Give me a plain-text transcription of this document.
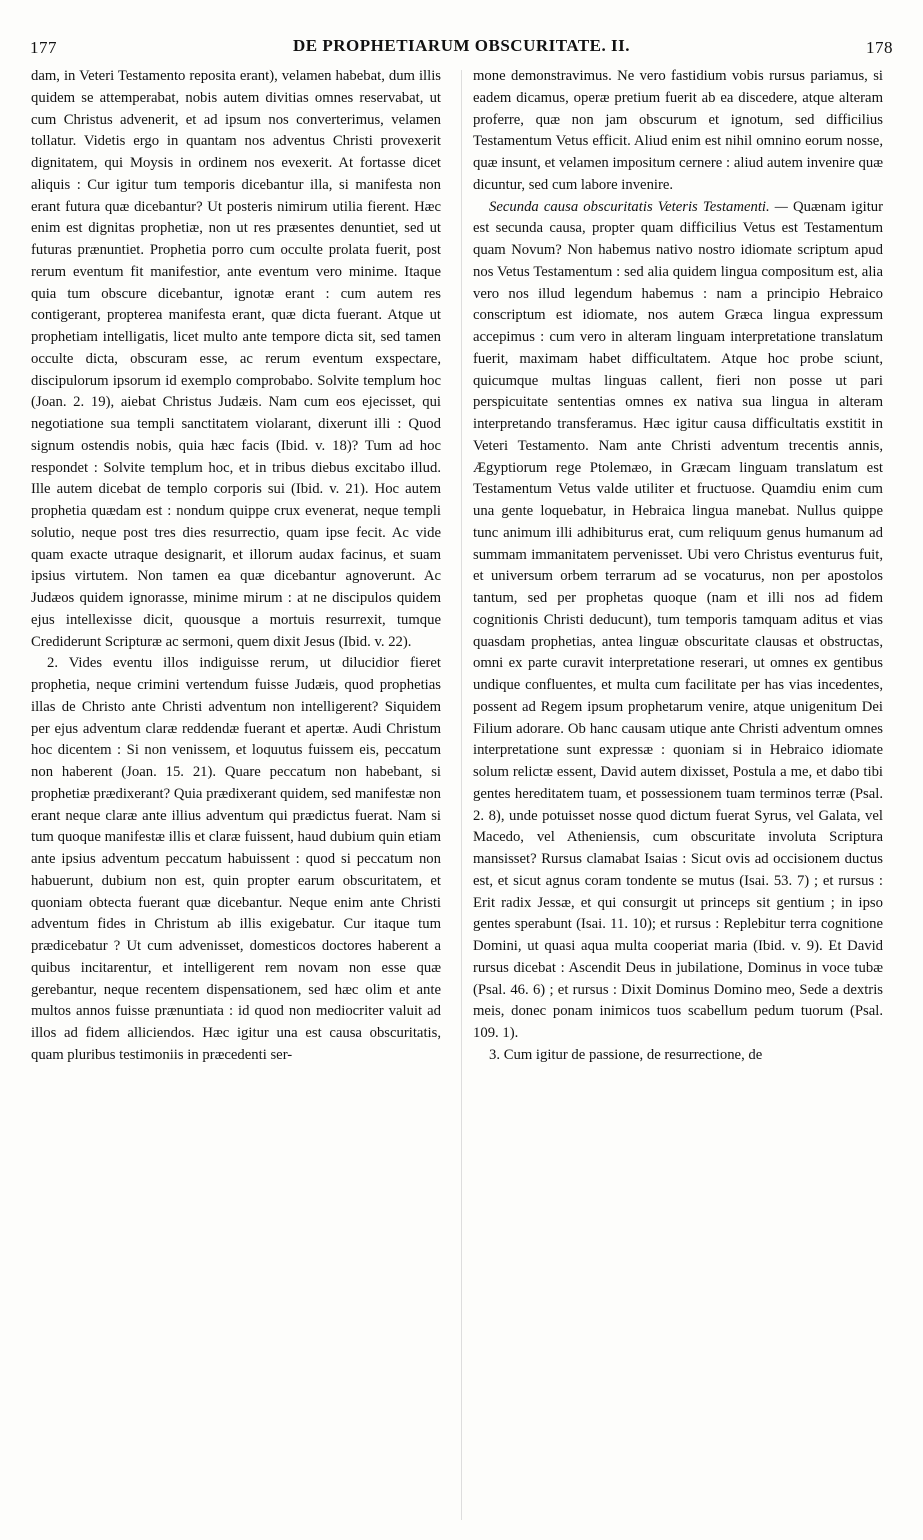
177	DE PROPHETIARUM OBSCURITATE. II.	178

dam, in Veteri Testamento reposita erant), velamen habebat, dum illis quidem se attemperabat, nobis autem divitias omnes reservabat, ut cum Christus advenerit, et ad ipsum nos converterimus, velamen tollatur. Videtis ergo in quantam nos adventus Christi provexerit dignitatem, qui Moysis in ordinem nos evexerit. At fortasse dicet aliquis : Cur igitur tum temporis dicebantur illa, si manifesta non erant futura quæ dicebantur? Ut posteris nimirum utilia fierent. Hæc enim est dignitas prophetiæ, non ut res præsentes denuntiet, sed ut futuras prænuntiet. Prophetia porro cum occulte prolata fuerit, post rerum eventum fit manifestior, ante eventum vero minime. Itaque quia tum obscure dicebantur, ignotæ erant : cum autem res contigerant, propterea manifesta erant, quæ dicta fuerant. Atque ut prophetiam intelligatis, licet multo ante tempore dicta sit, sed tamen occulte dicta, obscuram esse, ac rerum eventum exspectare, discipulorum ipsorum id exemplo comprobabo. Solvite templum hoc (Joan. 2. 19), aiebat Christus Judæis. Nam cum eos ejecisset, qui negotiatione sua templi sanctitatem violarant, dixerunt illi : Quod signum ostendis nobis, quia hæc facis (Ibid. v. 18)? Tum ad hoc respondet : Solvite templum hoc, et in tribus diebus excitabo illud. Ille autem dicebat de templo corporis sui (Ibid. v. 21). Hoc autem prophetia quædam est : nondum quippe crux evenerat, neque templi solutio, neque post tres dies resurrectio, quam ipse fecit. Ac vide quam exacte utraque designarit, et illorum audax facinus, et suam ipsius virtutem. Non tamen ea quæ dicebantur agnoverunt. Ac Judæos quidem ignorasse, minime mirum : at ne discipulos quidem ejus intellexisse dicit, quousque a mortuis resurrexit, tumque Crediderunt Scripturæ ac sermoni, quem dixit Jesus (Ibid. v. 22).

2. Vides eventu illos indiguisse rerum, ut dilucidior fieret prophetia, neque crimini vertendum fuisse Judæis, quod prophetias illas de Christo ante Christi adventum non intelligerent? Siquidem per ejus adventum claræ reddendæ fuerant et apertæ. Audi Christum hoc dicentem : Si non venissem, et loquutus fuissem eis, peccatum non haberent (Joan. 15. 21). Quare peccatum non habebant, si prophetiæ prædixerant? Quia prædixerant quidem, sed manifestæ non erant neque claræ ante illius adventum qui prædictus fuerat. Nam si tum quoque manifestæ illis et claræ fuissent, haud dubium quin etiam ante ipsius adventum peccatum habuissent : quod si peccatum non habuerunt, dubium non est, quin propter earum obscuritatem, et quoniam obtecta fuerant quæ dicebantur. Neque enim ante Christi adventum fides in Christum ab illis exigebatur. Cur itaque tum prædicebatur ? Ut cum advenisset, domesticos doctores haberent a quibus incitarentur, et intelligerent rem novam non esse quæ gerebantur, neque recentem dispensationem, sed hæc olim et ante multos annos fuisse prænuntiata : id quod non mediocriter valuit ad illos ad fidem alliciendos. Hæc igitur una est causa obscuritatis, quam pluribus testimoniis in præcedenti ser-

mone demonstravimus. Ne vero fastidium vobis rursus pariamus, si eadem dicamus, operæ pretium fuerit ab ea discedere, atque alteram proferre, quæ non jam obscurum et ignotum, sed difficilius Testamentum Vetus efficit. Aliud enim est nihil omnino eorum nosse, quæ insunt, et velamen impositum cernere : aliud autem invenire quæ dicuntur, sed cum labore invenire.

Secunda causa obscuritatis Veteris Testamenti. — Quænam igitur est secunda causa, propter quam difficilius Vetus est Testamentum quam Novum? Non habemus nativo nostro idiomate scriptum apud nos Vetus Testamentum : sed alia quidem lingua compositum est, alia vero nos illud legendum habemus : nam a principio Hebraico conscriptum est idiomate, nos autem Græca lingua expressum accepimus : cum vero in alteram linguam interpretatione translatum fuerit, maximam habet difficultatem. Atque hoc probe sciunt, quicumque multas linguas callent, fieri non posse ut pari perspicuitate sententias omnes ex nativa sua lingua in alteram interpretando transferamus. Hæc igitur causa difficultatis exstitit in Veteri Testamento. Nam ante Christi adventum trecentis annis, Ægyptiorum rege Ptolemæo, in Græcam linguam translatum est Testamentum Vetus valde utiliter et fructuose. Quamdiu enim cum una gente loquebatur, in Hebraica lingua manebat. Nullus quippe tunc animum illi adhibiturus erat, cum reliquum genus humanum ad summam immanitatem pervenisset. Ubi vero Christus eventurus fuit, et universum orbem terrarum ad se vocaturus, non per apostolos tantum, sed per prophetas quoque (nam et illi nos ad fidem cognitionis Christi deducunt), tum temporis tamquam aditus et vias quasdam prophetias, antea linguæ obscuritate clausas et obstructas, omni ex parte curavit interpretatione reserari, ut omnes ex gentibus undique confluentes, et multa cum facilitate per has vias incedentes, possent ad Regem ipsum prophetarum venire, atque unigenitum Dei Filium adorare. Ob hanc causam utique ante Christi adventum omnes interpretatione sunt expressæ : quoniam si in Hebraico idiomate solum relictæ essent, David autem dixisset, Postula a me, et dabo tibi gentes hereditatem tuam, et possessionem tuam terminos terræ (Psal. 2. 8), unde potuisset nosse quod dictum fuerat Syrus, vel Galata, vel Macedo, vel Atheniensis, cum obscuritate involuta Scriptura mansisset? Rursus clamabat Isaias : Sicut ovis ad occisionem ductus est, et sicut agnus coram tondente se mutus (Isai. 53. 7) ; et rursus : Erit radix Jessæ, et qui consurgit ut princeps sit gentium ; in ipso gentes sperabunt (Isai. 11. 10); et rursus : Replebitur terra cognitione Domini, ut quasi aqua multa cooperiat maria (Ibid. v. 9). Et David rursus dicebat : Ascendit Deus in jubilatione, Dominus in voce tubæ (Psal. 46. 6) ; et rursus : Dixit Dominus Domino meo, Sede a dextris meis, donec ponam inimicos tuos scabellum pedum tuorum (Psal. 109. 1).

3. Cum igitur de passione, de resurrectione, de
